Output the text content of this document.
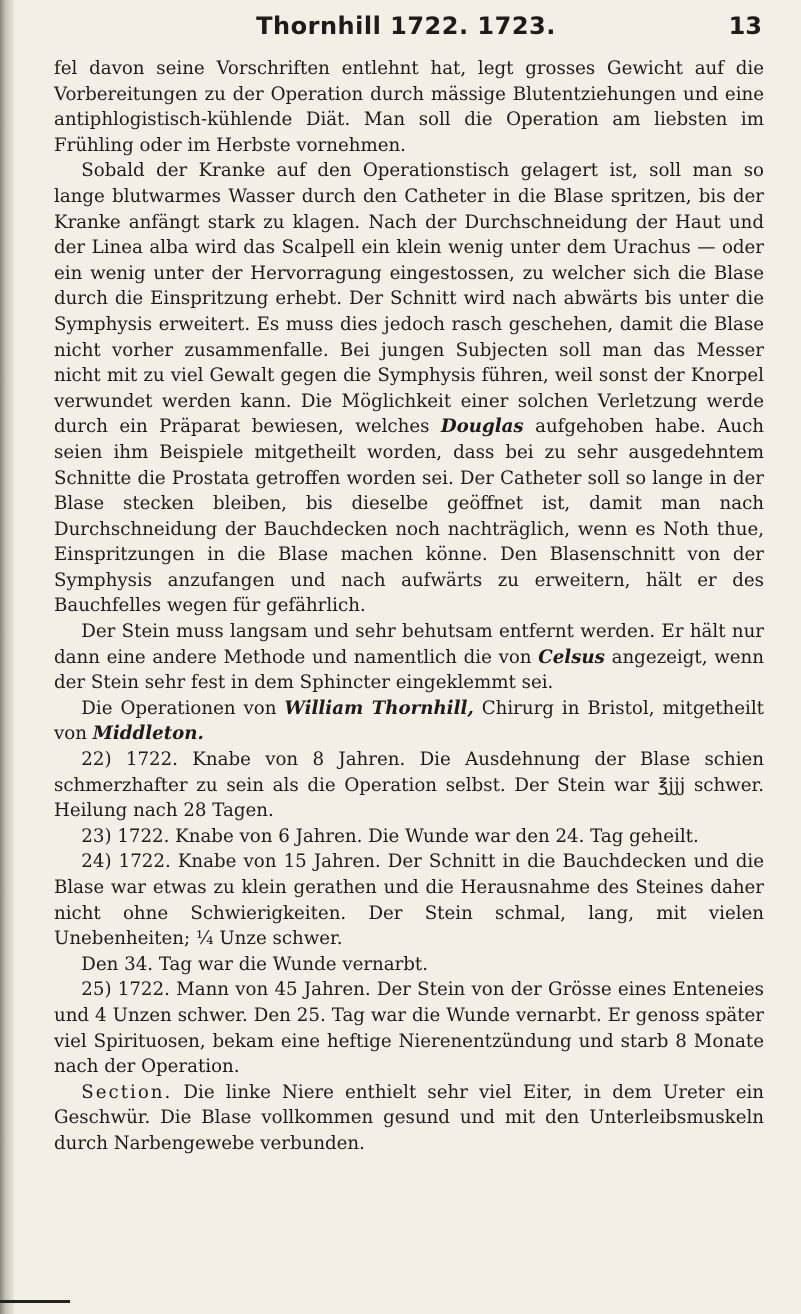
Thornhill 1722. 1723.	13

fel davon seine Vorschriften entlehnt hat, legt grosses Gewicht auf die Vorbereitungen zu der Operation durch mässige Blutentziehungen und eine antiphlogistisch-kühlende Diät. Man soll die Operation am liebsten im Frühling oder im Herbste vornehmen.

Sobald der Kranke auf den Operationstisch gelagert ist, soll man so lange blutwarmes Wasser durch den Catheter in die Blase spritzen, bis der Kranke anfängt stark zu klagen. Nach der Durchschneidung der Haut und der Linea alba wird das Scalpell ein klein wenig unter dem Urachus — oder ein wenig unter der Hervorragung eingestossen, zu welcher sich die Blase durch die Einspritzung erhebt. Der Schnitt wird nach abwärts bis unter die Symphysis erweitert. Es muss dies jedoch rasch geschehen, damit die Blase nicht vorher zusammenfalle. Bei jungen Subjecten soll man das Messer nicht mit zu viel Gewalt gegen die Symphysis führen, weil sonst der Knorpel verwundet werden kann. Die Möglichkeit einer solchen Verletzung werde durch ein Präparat bewiesen, welches Douglas aufgehoben habe. Auch seien ihm Beispiele mitgetheilt worden, dass bei zu sehr ausgedehntem Schnitte die Prostata getroffen worden sei. Der Catheter soll so lange in der Blase stecken bleiben, bis dieselbe geöffnet ist, damit man nach Durchschneidung der Bauchdecken noch nachträglich, wenn es Noth thue, Einspritzungen in die Blase machen könne. Den Blasenschnitt von der Symphysis anzufangen und nach aufwärts zu erweitern, hält er des Bauchfelles wegen für gefährlich.

Der Stein muss langsam und sehr behutsam entfernt werden. Er hält nur dann eine andere Methode und namentlich die von Celsus angezeigt, wenn der Stein sehr fest in dem Sphincter eingeklemmt sei.

Die Operationen von William Thornhill, Chirurg in Bristol, mitgetheilt von Middleton.

22) 1722. Knabe von 8 Jahren. Die Ausdehnung der Blase schien schmerzhafter zu sein als die Operation selbst. Der Stein war ℥jjj schwer. Heilung nach 28 Tagen.

23) 1722. Knabe von 6 Jahren. Die Wunde war den 24. Tag geheilt.

24) 1722. Knabe von 15 Jahren. Der Schnitt in die Bauchdecken und die Blase war etwas zu klein gerathen und die Herausnahme des Steines daher nicht ohne Schwierigkeiten. Der Stein schmal, lang, mit vielen Unebenheiten; ¼ Unze schwer.

Den 34. Tag war die Wunde vernarbt.

25) 1722. Mann von 45 Jahren. Der Stein von der Grösse eines Enteneies und 4 Unzen schwer. Den 25. Tag war die Wunde vernarbt. Er genoss später viel Spirituosen, bekam eine heftige Nierenentzündung und starb 8 Monate nach der Operation.

Section. Die linke Niere enthielt sehr viel Eiter, in dem Ureter ein Geschwür. Die Blase vollkommen gesund und mit den Unterleibsmuskeln durch Narbengewebe verbunden.
